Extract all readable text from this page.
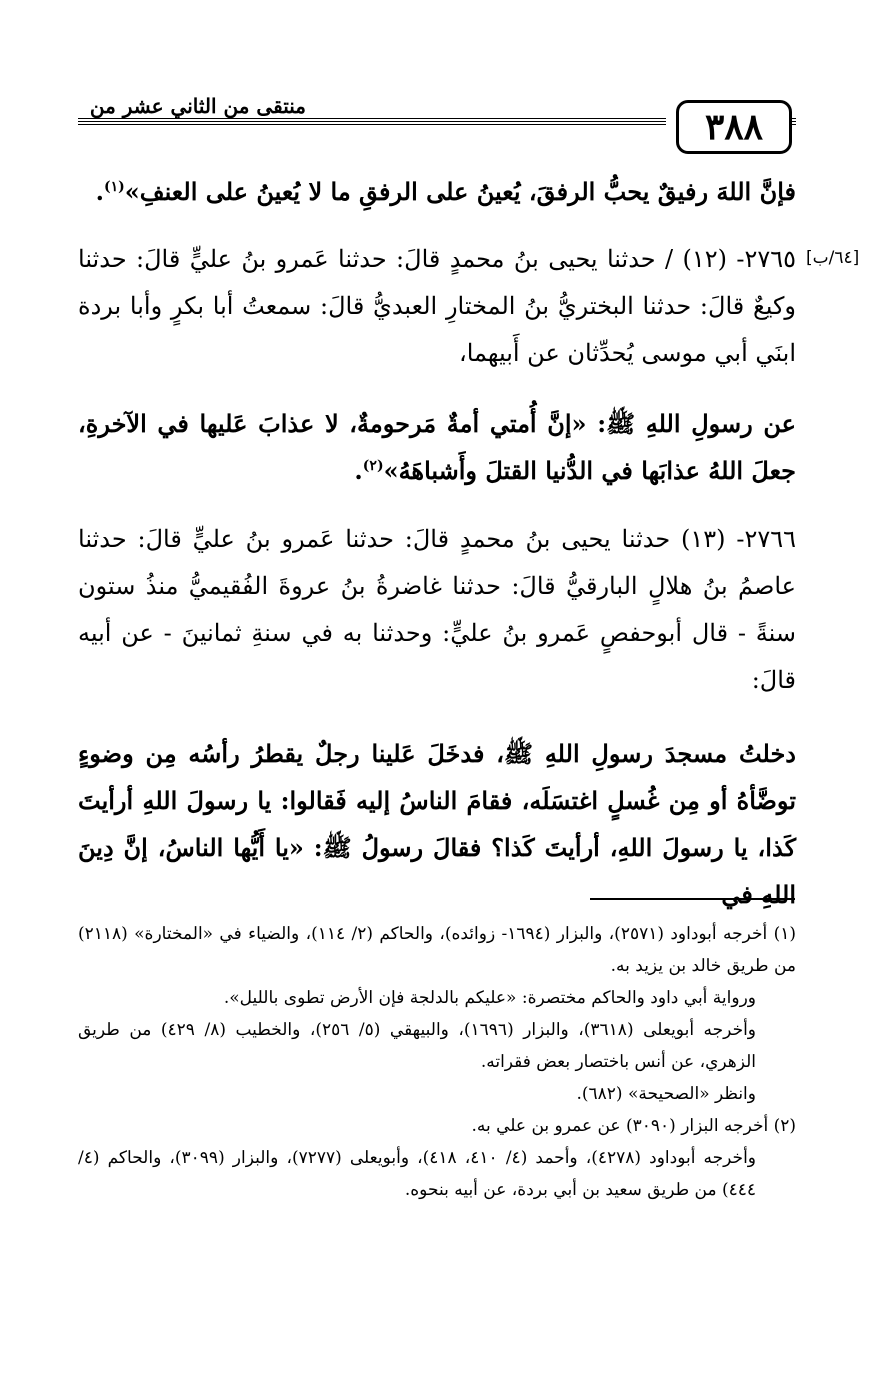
٣٨٨
منتقى من الثاني عشر من
[٦٤/ب]
فإنَّ اللهَ رفيقٌ يحبُّ الرفقَ، يُعينُ على الرفقِ ما لا يُعينُ على العنفِ»$^{(١)}$.
٢٧٦٥- (١٢) / حدثنا يحيى بنُ محمدٍ قالَ: حدثنا عَمرو بنُ عليٍّ قالَ: حدثنا وكيعٌ قالَ: حدثنا البختريُّ بنُ المختارِ العبديُّ قالَ: سمعتُ أبا بكرٍ وأبا بردة ابنَي أبي موسى يُحدِّثان عن أَبيهما،
عن رسولِ اللهِ ﷺ: «إنَّ أُمتي أمةٌ مَرحومةٌ، لا عذابَ عَليها في الآخرةِ، جعلَ اللهُ عذابَها في الدُّنيا القتلَ وأَشباهَهُ»$^{(٢)}$.
٢٧٦٦- (١٣) حدثنا يحيى بنُ محمدٍ قالَ: حدثنا عَمرو بنُ عليٍّ قالَ: حدثنا عاصمُ بنُ هلالٍ البارقيُّ قالَ: حدثنا غاضرةُ بنُ عروةَ الفُقيميُّ منذُ ستون سنةً - قال أبوحفصٍ عَمرو بنُ عليٍّ: وحدثنا به في سنةِ ثمانينَ - عن أبيه قالَ:
دخلتُ مسجدَ رسولِ اللهِ ﷺ، فدخَلَ عَلينا رجلٌ يقطرُ رأسُه مِن وضوءٍ توضَّأهُ أو مِن غُسلٍ اغتسَلَه، فقامَ الناسُ إليه فَقالوا: يا رسولَ اللهِ أرأيتَ كَذا، يا رسولَ اللهِ، أرأيتَ كَذا؟ فقالَ رسولُ ﷺ: «يا أَيُّها الناسُ، إنَّ دِينَ اللهِ في
(١) أخرجه أبوداود (٢٥٧١)، والبزار (١٦٩٤- زوائده)، والحاكم (٢/ ١١٤)، والضياء في «المختارة» (٢١١٨) من طريق خالد بن يزيد به.
ورواية أبي داود والحاكم مختصرة: «عليكم بالدلجة فإن الأرض تطوى بالليل».
وأخرجه أبويعلى (٣٦١٨)، والبزار (١٦٩٦)، والبيهقي (٥/ ٢٥٦)، والخطيب (٨/ ٤٢٩) من طريق الزهري، عن أنس باختصار بعض فقراته.
وانظر «الصحيحة» (٦٨٢).
(٢) أخرجه البزار (٣٠٩٠) عن عمرو بن علي به.
وأخرجه أبوداود (٤٢٧٨)، وأحمد (٤/ ٤١٠، ٤١٨)، وأبويعلى (٧٢٧٧)، والبزار (٣٠٩٩)، والحاكم (٤/ ٤٤٤) من طريق سعيد بن أبي بردة، عن أبيه بنحوه.
